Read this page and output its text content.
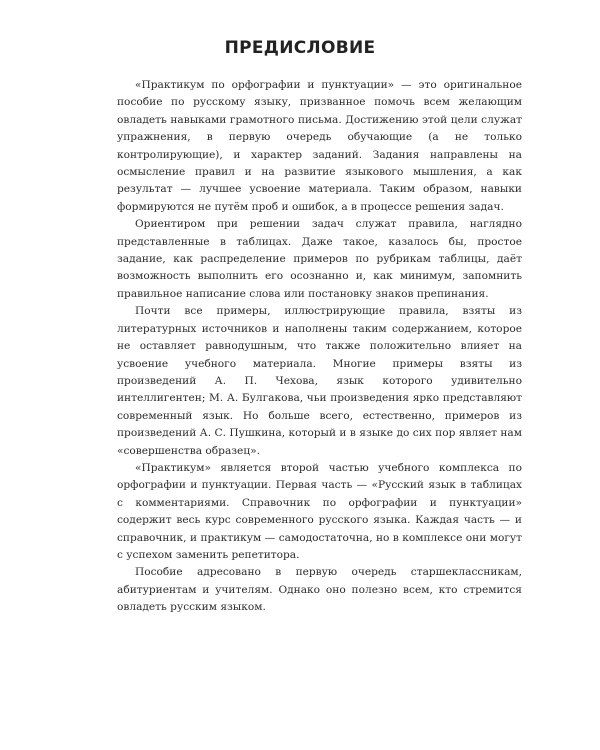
ПРЕДИСЛОВИЕ

«Практикум по орфографии и пунктуации» — это оригинальное пособие по русскому языку, призванное помочь всем желающим овладеть навыками грамотного письма. Достижению этой цели служат упражнения, в первую очередь обучающие (а не только контролирующие), и характер заданий. Задания направлены на осмысление правил и на развитие языкового мышления, а как результат — лучшее усвоение материала. Таким образом, навыки формируются не путём проб и ошибок, а в процессе решения задач.

Ориентиром при решении задач служат правила, наглядно представленные в таблицах. Даже такое, казалось бы, простое задание, как распределение примеров по рубрикам таблицы, даёт возможность выполнить его осознанно и, как минимум, запомнить правильное написание слова или постановку знаков препинания.

Почти все примеры, иллюстрирующие правила, взяты из литературных источников и наполнены таким содержанием, которое не оставляет равнодушным, что также положительно влияет на усвоение учебного материала. Многие примеры взяты из произведений А. П. Чехова, язык которого удивительно интеллигентен; М. А. Булгакова, чьи произведения ярко представляют современный язык. Но больше всего, естественно, примеров из произведений А. С. Пушкина, который и в языке до сих пор являет нам «совершенства образец».

«Практикум» является второй частью учебного комплекса по орфографии и пунктуации. Первая часть — «Русский язык в таблицах с комментариями. Справочник по орфографии и пунктуации» содержит весь курс современного русского языка. Каждая часть — и справочник, и практикум — самодостаточна, но в комплексе они могут с успехом заменить репетитора.

Пособие адресовано в первую очередь старшеклассникам, абитуриентам и учителям. Однако оно полезно всем, кто стремится овладеть русским языком.
